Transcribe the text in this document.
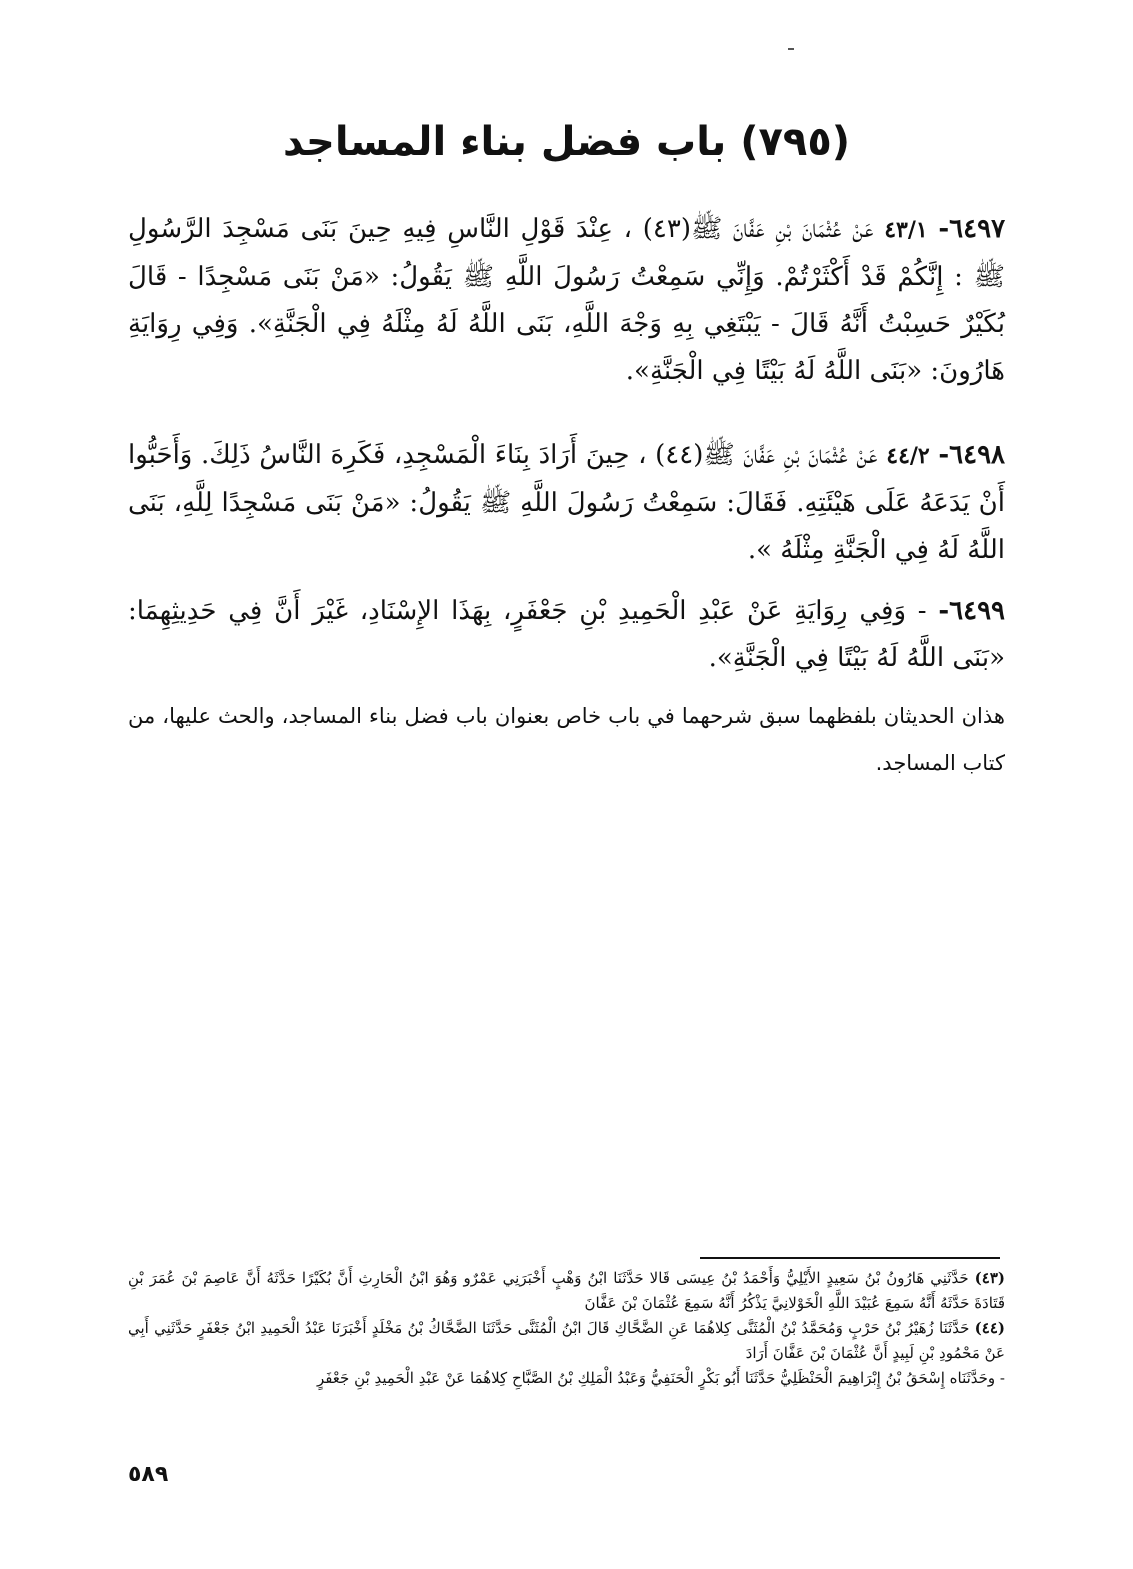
(٧٩٥) باب فضل بناء المساجد

٦٤٩٧- ٤٣/١ عَنْ عُثْمَانَ بْنِ عَفَّانَ ﷺ(٤٣) ، عِنْدَ قَوْلِ النَّاسِ فِيهِ حِينَ بَنَى مَسْجِدَ الرَّسُولِ ﷺ : إِنَّكُمْ قَدْ أَكْثَرْتُمْ. وَإِنِّي سَمِعْتُ رَسُولَ اللَّهِ ﷺ يَقُولُ: «مَنْ بَنَى مَسْجِدًا - قَالَ بُكَيْرٌ حَسِبْتُ أَنَّهُ قَالَ - يَبْتَغِي بِهِ وَجْهَ اللَّهِ، بَنَى اللَّهُ لَهُ مِثْلَهُ فِي الْجَنَّةِ». وَفِي رِوَايَةِ هَارُونَ: «بَنَى اللَّهُ لَهُ بَيْتًا فِي الْجَنَّةِ».

٦٤٩٨- ٤٤/٢ عَنْ عُثْمَانَ بْنِ عَفَّانَ ﷺ(٤٤) ، حِينَ أَرَادَ بِنَاءَ الْمَسْجِدِ، فَكَرِهَ النَّاسُ ذَلِكَ. وَأَحَبُّوا أَنْ يَدَعَهُ عَلَى هَيْئَتِهِ. فَقَالَ: سَمِعْتُ رَسُولَ اللَّهِ ﷺ يَقُولُ: «مَنْ بَنَى مَسْجِدًا لِلَّهِ، بَنَى اللَّهُ لَهُ فِي الْجَنَّةِ مِثْلَهُ ».

٦٤٩٩- - وَفِي رِوَايَةِ عَنْ عَبْدِ الْحَمِيدِ بْنِ جَعْفَرٍ، بِهَذَا الإِسْنَادِ، غَيْرَ أَنَّ فِي حَدِيثِهِمَا: «بَنَى اللَّهُ لَهُ بَيْتًا فِي الْجَنَّةِ».

هذان الحديثان بلفظهما سبق شرحهما في باب خاص بعنوان باب فضل بناء المساجد، والحث عليها، من كتاب المساجد.

(٤٣) حَدَّثَنِي هَارُونُ بْنُ سَعِيدٍ الأَيْلِيُّ وَأَحْمَدُ بْنُ عِيسَى قَالا حَدَّثَنَا ابْنُ وَهْبٍ أَخْبَرَنِي عَمْرٌو وَهُوَ ابْنُ الْحَارِثِ أَنَّ بُكَيْرًا حَدَّثَهُ أَنَّ عَاصِمَ بْنَ عُمَرَ بْنِ قَتَادَةَ حَدَّثَهُ أَنَّهُ سَمِعَ عُبَيْدَ اللَّهِ الْخَوْلانِيَّ يَذْكُرُ أَنَّهُ سَمِعَ عُثْمَانَ بْنَ عَفَّانَ
(٤٤) حَدَّثَنَا زُهَيْرُ بْنُ حَرْبٍ وَمُحَمَّدُ بْنُ الْمُثَنَّى كِلاهُمَا عَنِ الضَّحَّاكِ قَالَ ابْنُ الْمُثَنَّى حَدَّثَنَا الضَّحَّاكُ بْنُ مَخْلَدٍ أَخْبَرَنَا عَبْدُ الْحَمِيدِ ابْنُ جَعْفَرٍ حَدَّثَنِي أَبِي عَنْ مَحْمُودِ بْنِ لَبِيدٍ أَنَّ عُثْمَانَ بْنَ عَفَّانَ أَرَادَ
- وحَدَّثَنَاه إِسْحَقُ بْنُ إِبْرَاهِيمَ الْحَنْظَلِيُّ حَدَّثَنَا أَبُو بَكْرٍ الْحَنَفِيُّ وَعَبْدُ الْمَلِكِ بْنُ الصَّبَّاحِ كِلاهُمَا عَنْ عَبْدِ الْحَمِيدِ بْنِ جَعْفَرٍ
٥٨٩
